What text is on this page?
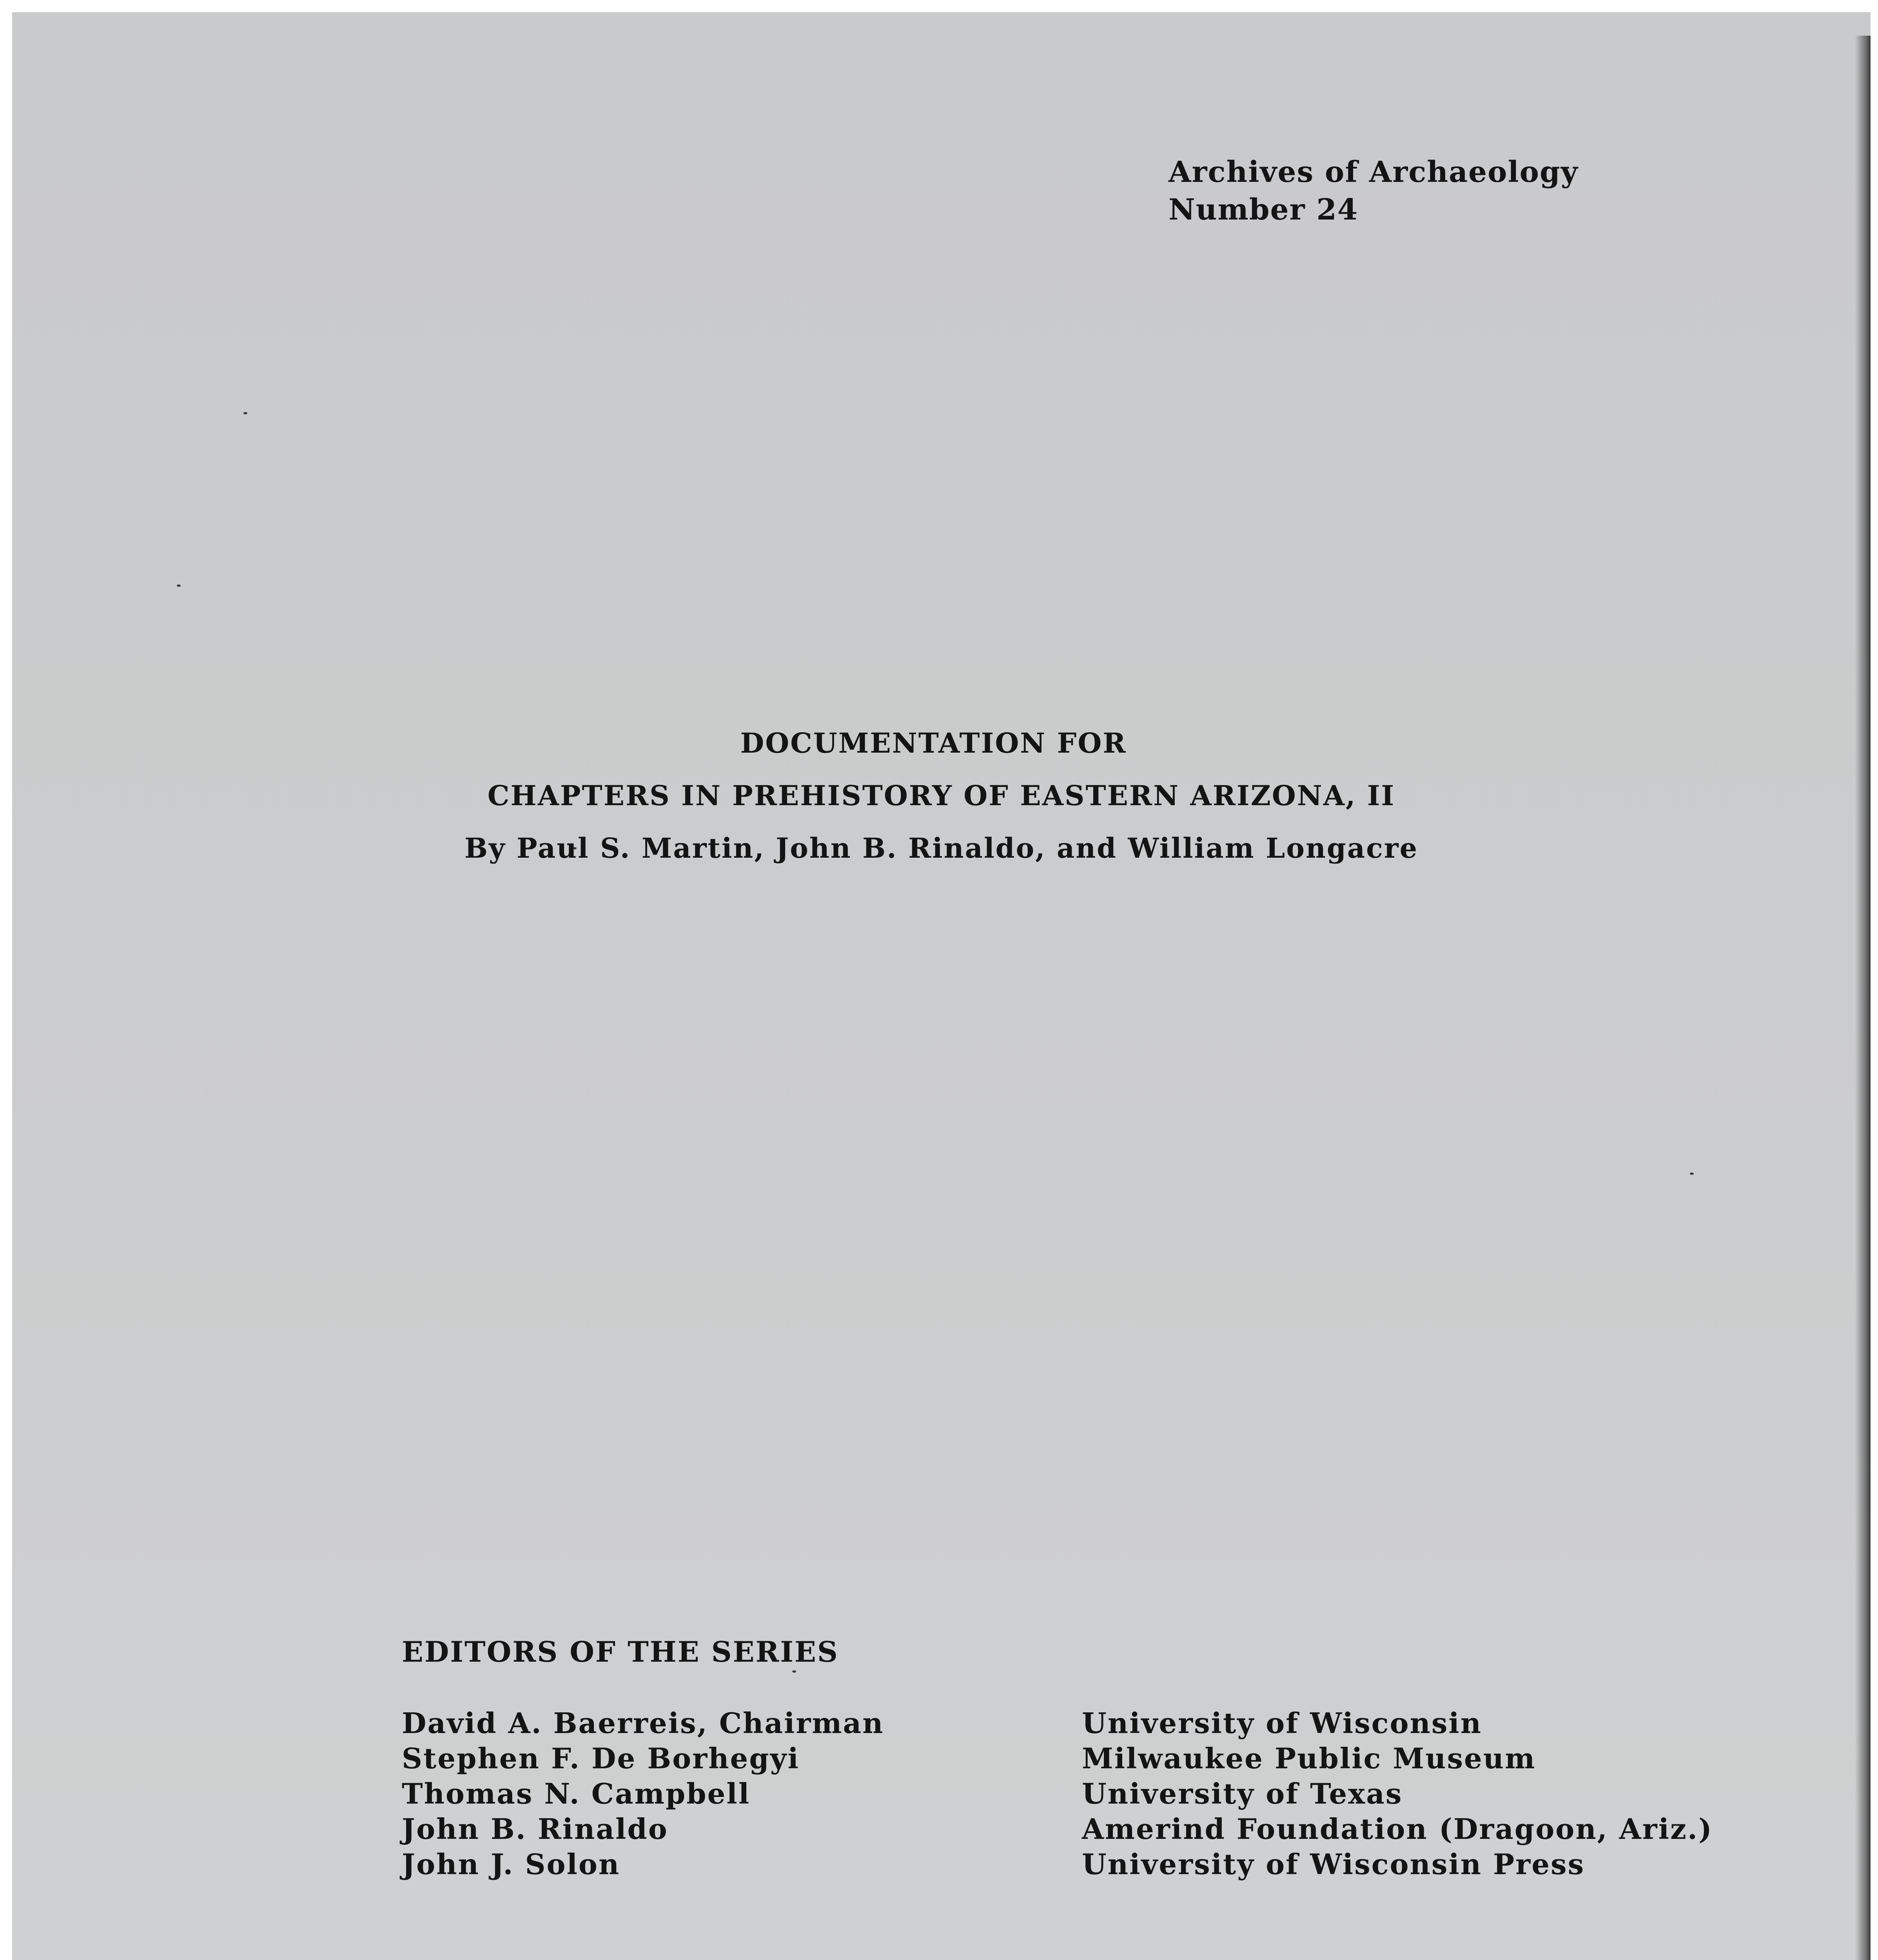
Archives of Archaeology
Number 24
DOCUMENTATION FOR
CHAPTERS IN PREHISTORY OF EASTERN ARIZONA, II
By Paul S. Martin, John B. Rinaldo, and William Longacre
EDITORS OF THE SERIES
David A. Baerreis, Chairman	University of Wisconsin
Stephen F. De Borhegyi	Milwaukee Public Museum
Thomas N. Campbell	University of Texas
John B. Rinaldo	Amerind Foundation (Dragoon, Ariz.)
John J. Solon	University of Wisconsin Press
